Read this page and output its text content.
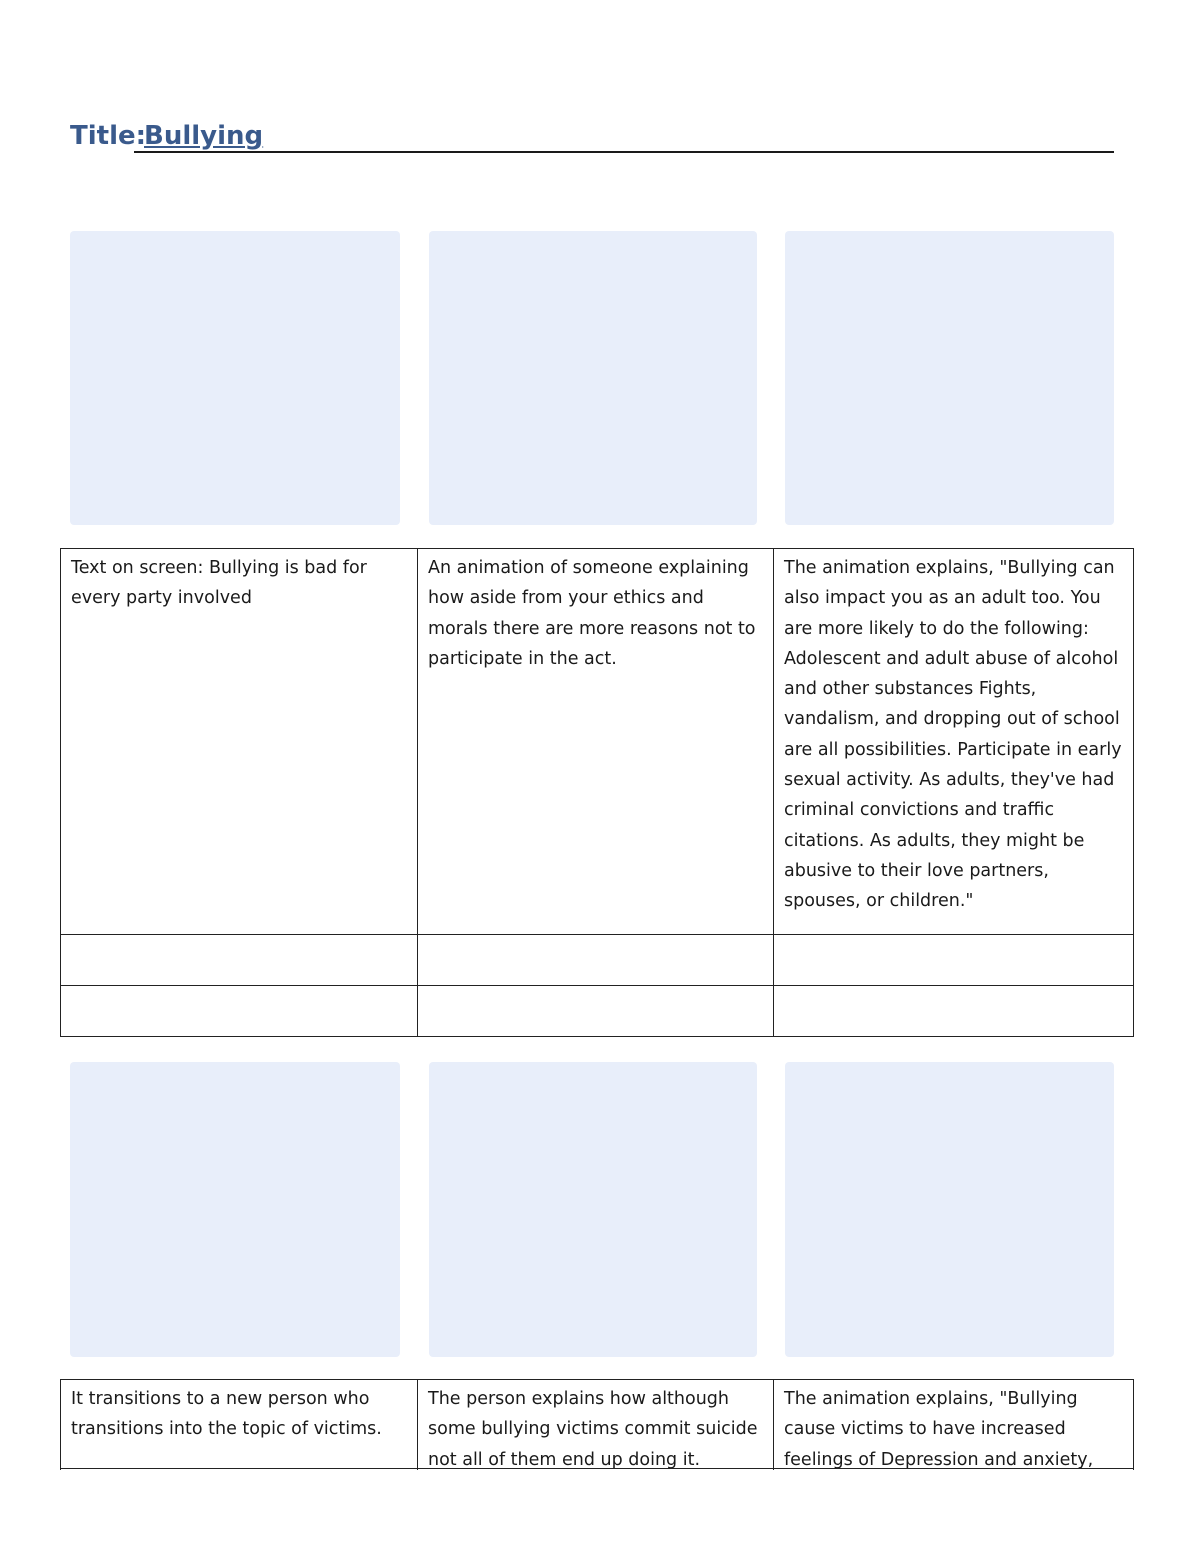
Title:
Bullying
Text on screen: Bullying is bad for every party involved	An animation of someone explaining how aside from your ethics and morals there are more reasons not to participate in the act.	The animation explains, "Bullying can also impact you as an adult too. You are more likely to do the following: Adolescent and adult abuse of alcohol and other substances Fights, vandalism, and dropping out of school are all possibilities. Participate in early sexual activity. As adults, they've had criminal convictions and traffic citations. As adults, they might be abusive to their love partners, spouses, or children."

It transitions to a new person who transitions into the topic of victims.	The person explains how although some bullying victims commit suicide not all of them end up doing it.	The animation explains, "Bullying cause victims to have increased feelings of Depression and anxiety,
